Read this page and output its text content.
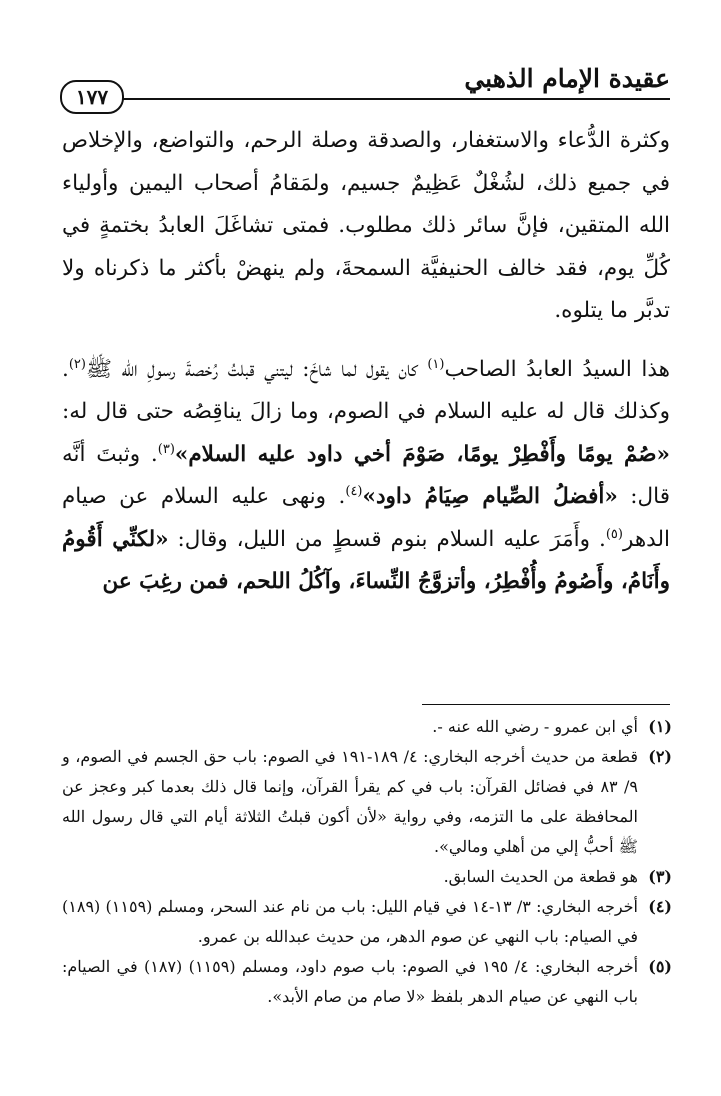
عقيدة الإمام الذهبي
١٧٧

وكثرة الدُّعاء والاستغفار، والصدقة وصلة الرحم، والتواضع، والإخلاص في جميع ذلك، لشُغْلٌ عَظِيمٌ جسيم، ولمَقامُ أصحاب اليمين وأولياء الله المتقين، فإنَّ سائر ذلك مطلوب. فمتى تشاغَلَ العابدُ بختمةٍ في كُلِّ يوم، فقد خالف الحنيفيَّة السمحةَ، ولم ينهضْ بأكثر ما ذكرناه ولا تدبَّر ما يتلوه.

هذا السيدُ العابدُ الصاحب$^{(١)}$ كان يقول لما شاخَ: ليتني قبلتُ رُخصةَ رسولِ الله ﷺ$^{(٢)}$. وكذلك قال له عليه السلام في الصوم، وما زالَ يناقِصُه حتى قال له: «صُمْ يومًا وأَفْطِرْ يومًا، صَوْمَ أخي داود عليه السلام»$^{(٣)}$. وثبتَ أنَّه قال: «أفضلُ الصِّيام صِيَامُ داود»$^{(٤)}$. ونهى عليه السلام عن صيام الدهر$^{(٥)}$. وأَمَرَ عليه السلام بنوم قسطٍ من الليل، وقال: «لكنِّي أَقُومُ وأَنَامُ، وأَصُومُ وأُفْطِرُ، وأتزوَّجُ النِّساءَ، وآكُلُ اللحم، فمن رغِبَ عن

(١)
أي ابن عمرو - رضي الله عنه -.
(٢)
قطعة من حديث أخرجه البخاري: ٤/ ١٨٩-١٩١ في الصوم: باب حق الجسم في الصوم، و ٩/ ٨٣ في فضائل القرآن: باب في كم يقرأ القرآن، وإنما قال ذلك بعدما كبر وعجز عن المحافظة على ما التزمه، وفي رواية «لأن أكون قبلتُ الثلاثة أيام التي قال رسول الله ﷺ أحبُّ إلي من أهلي ومالي».
(٣)
هو قطعة من الحديث السابق.
(٤)
أخرجه البخاري: ٣/ ١٣-١٤ في قيام الليل: باب من نام عند السحر، ومسلم (١١٥٩) (١٨٩) في الصيام: باب النهي عن صوم الدهر، من حديث عبدالله بن عمرو.
(٥)
أخرجه البخاري: ٤/ ١٩٥ في الصوم: باب صوم داود، ومسلم (١١٥٩) (١٨٧) في الصيام: باب النهي عن صيام الدهر بلفظ «لا صام من صام الأبد».
